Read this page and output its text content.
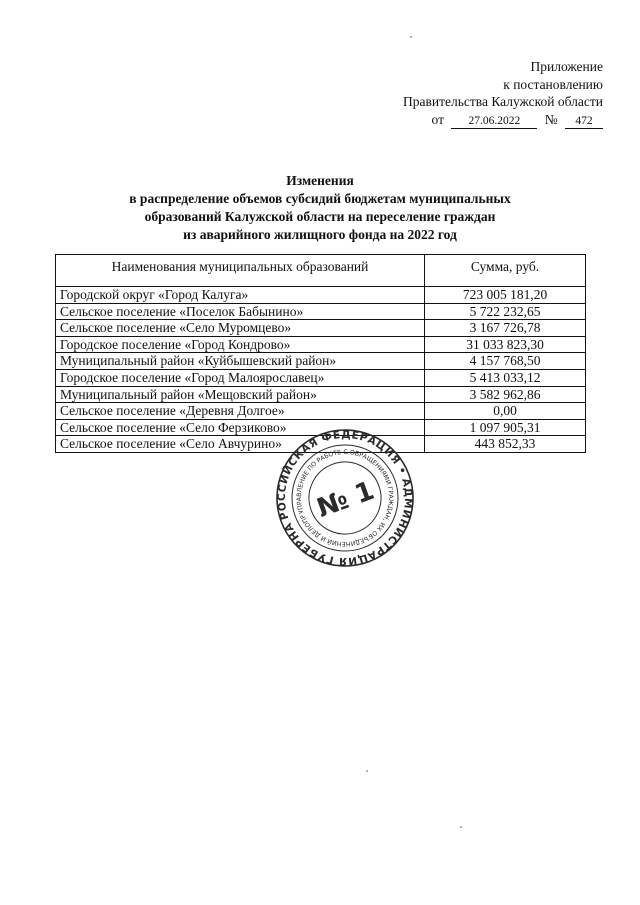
Приложение
к постановлению
Правительства Калужской области
от 27.06.2022 № 472
Изменения
в распределение объемов субсидий бюджетам муниципальных
образований Калужской области на переселение граждан
из аварийного жилищного фонда на 2022 год
Наименования муниципальных образований	Сумма, руб.
Городской округ «Город Калуга»	723 005 181,20
Сельское поселение «Поселок Бабынино»	5 722 232,65
Сельское поселение «Село Муромцево»	3 167 726,78
Городское поселение «Город Кондрово»	31 033 823,30
Муниципальный район «Куйбышевский район»	4 157 768,50
Городское поселение «Город Малоярославец»	5 413 033,12
Муниципальный район «Мещовский район»	3 582 962,86
Сельское поселение «Деревня Долгое»	0,00
Сельское поселение «Село Ферзиково»	1 097 905,31
Сельское поселение «Село Авчурино»	443 852,33
РОССИЙСКАЯ ФЕДЕРАЦИЯ • АДМИНИСТРАЦИЯ ГУБЕРНАТОРА
УПРАВЛЕНИЕ ПО РАБОТЕ С ОБРАЩЕНИЯМИ ГРАЖДАН, ИХ ОБЪЕДИНЕНИЙ И ДЕЛОПРОИЗВОДСТВА
№ 1
